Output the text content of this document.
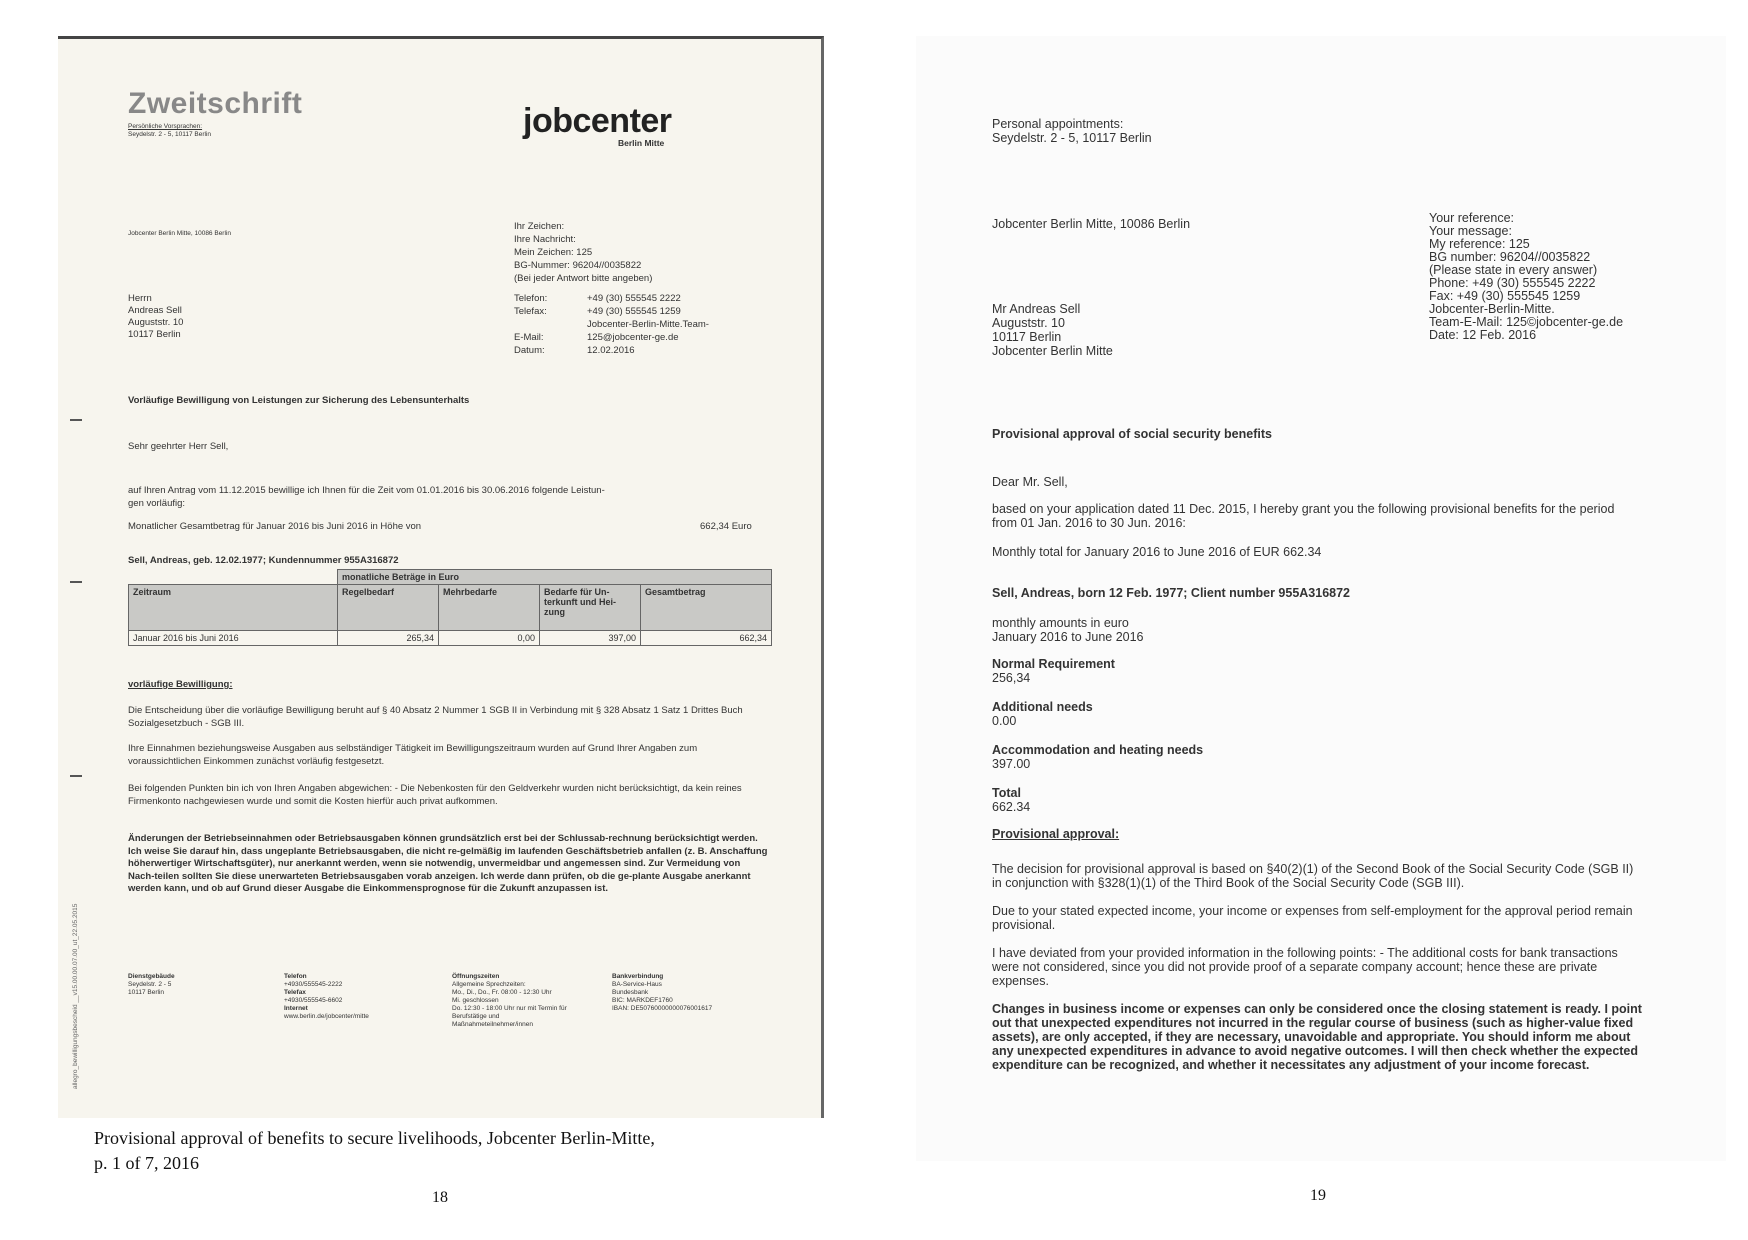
Zweitschrift
Persönliche Vorsprachen:
Seydelstr. 2 - 5, 10117 Berlin	jobcenter
Berlin Mitte
Jobcenter Berlin Mitte, 10086 Berlin
Ihr Zeichen:
Ihre Nachricht:
Mein Zeichen: 125
BG-Nummer: 96204//0035822
(Bei jeder Antwort bitte angeben)
Telefon:	+49 (30) 555545 2222
Telefax:	+49 (30) 555545 1259
Jobcenter-Berlin-Mitte.Team-
E-Mail:	125@jobcenter-ge.de
Datum:	12.02.2016
Herrn
Andreas Sell
Auguststr. 10
10117 Berlin
Vorläufige Bewilligung von Leistungen zur Sicherung des Lebensunterhalts
Sehr geehrter Herr Sell,
auf Ihren Antrag vom 11.12.2015 bewillige ich Ihnen für die Zeit vom 01.01.2016 bis 30.06.2016 folgende Leistun-
gen vorläufig:
Monatlicher Gesamtbetrag für Januar 2016 bis Juni 2016 in Höhe von	662,34 Euro
Sell, Andreas, geb. 12.02.1977; Kundennummer 955A316872
	monatliche Beträge in Euro			
Zeitraum	Regelbedarf	Mehrbedarfe	Bedarfe für Un-terkunft und Hei-zung	Gesamtbetrag
Januar 2016 bis Juni 2016	265,34	0,00	397,00	662,34
vorläufige Bewilligung:
Die Entscheidung über die vorläufige Bewilligung beruht auf § 40 Absatz 2 Nummer 1 SGB II in Verbindung mit § 328 Absatz 1 Satz 1 Drittes Buch Sozialgesetzbuch - SGB III.
Ihre Einnahmen beziehungsweise Ausgaben aus selbständiger Tätigkeit im Bewilligungszeitraum wurden auf Grund Ihrer Angaben zum voraussichtlichen Einkommen zunächst vorläufig festgesetzt.
Bei folgenden Punkten bin ich von Ihren Angaben abgewichen: - Die Nebenkosten für den Geldverkehr wurden nicht berücksichtigt, da kein reines Firmenkonto nachgewiesen wurde und somit die Kosten hierfür auch privat aufkommen.
Änderungen der Betriebseinnahmen oder Betriebsausgaben können grundsätzlich erst bei der Schlussab-rechnung berücksichtigt werden. Ich weise Sie darauf hin, dass ungeplante Betriebsausgaben, die nicht re-gelmäßig im laufenden Geschäftsbetrieb anfallen (z. B. Anschaffung höherwertiger Wirtschaftsgüter), nur anerkannt werden, wenn sie notwendig, unvermeidbar und angemessen sind. Zur Vermeidung von Nach-teilen sollten Sie diese unerwarteten Betriebsausgaben vorab anzeigen. Ich werde dann prüfen, ob die ge-plante Ausgabe anerkannt werden kann, und ob auf Grund dieser Ausgabe die Einkommensprognose für die Zukunft anzupassen ist.
allegro_bewilligungsbescheid __v15.00.00.07.00_ut_22.05.2015	Dienstgebäude
Seydelstr. 2 - 5
10117 Berlin
Telefon
+4930/555545-2222
Telefax
+4930/555545-6602
Internet
www.berlin.de/jobcenter/mitte
Öffnungszeiten
Allgemeine Sprechzeiten:
Mo., Di., Do., Fr. 08:00 - 12:30 Uhr
Mi. geschlossen
Do. 12:30 - 18:00 Uhr nur mit Termin für
Berufstätige und
Maßnahmeteilnehmer/innen
Bankverbindung
BA-Service-Haus
Bundesbank
BIC: MARKDEF1760
IBAN: DE50760000000076001617
Provisional approval of benefits to secure livelihoods, Jobcenter Berlin-Mitte,
p. 1 of 7, 2016
18
Personal appointments:
Seydelstr. 2 - 5, 10117 Berlin
Jobcenter Berlin Mitte, 10086 Berlin	Your reference:
Your message:
My reference: 125
BG number: 96204//0035822
(Please state in every answer)
Phone: +49 (30) 555545 2222
Fax: +49 (30) 555545 1259
Jobcenter-Berlin-Mitte.
Team-E-Mail: 125©jobcenter-ge.de
Date: 12 Feb. 2016
Mr Andreas Sell
Auguststr. 10
10117 Berlin
Jobcenter Berlin Mitte
Provisional approval of social security benefits
Dear Mr. Sell,
based on your application dated 11 Dec. 2015, I hereby grant you the following provisional benefits for the period from 01 Jan. 2016 to 30 Jun. 2016:
Monthly total for January 2016 to June 2016 of EUR 662.34
Sell, Andreas, born 12 Feb. 1977; Client number 955A316872
monthly amounts in euro
January 2016 to June 2016
Normal Requirement
256,34
Additional needs
0.00
Accommodation and heating needs
397.00
Total
662.34
Provisional approval:
The decision for provisional approval is based on §40(2)(1) of the Second Book of the Social Security Code (SGB II) in conjunction with §328(1)(1) of the Third Book of the Social Security Code (SGB III).
Due to your stated expected income, your income or expenses from self-employment for the approval period remain provisional.
I have deviated from your provided information in the following points: - The additional costs for bank transactions were not considered, since you did not provide proof of a separate company account; hence these are private expenses.
Changes in business income or expenses can only be considered once the closing statement is ready. I point out that unexpected expenditures not incurred in the regular course of business (such as higher-value fixed assets), are only accepted, if they are necessary, unavoidable and appropriate. You should inform me about any unexpected expenditures in advance to avoid negative outcomes. I will then check whether the expected expenditure can be recognized, and whether it necessitates any adjustment of your income forecast.
19
